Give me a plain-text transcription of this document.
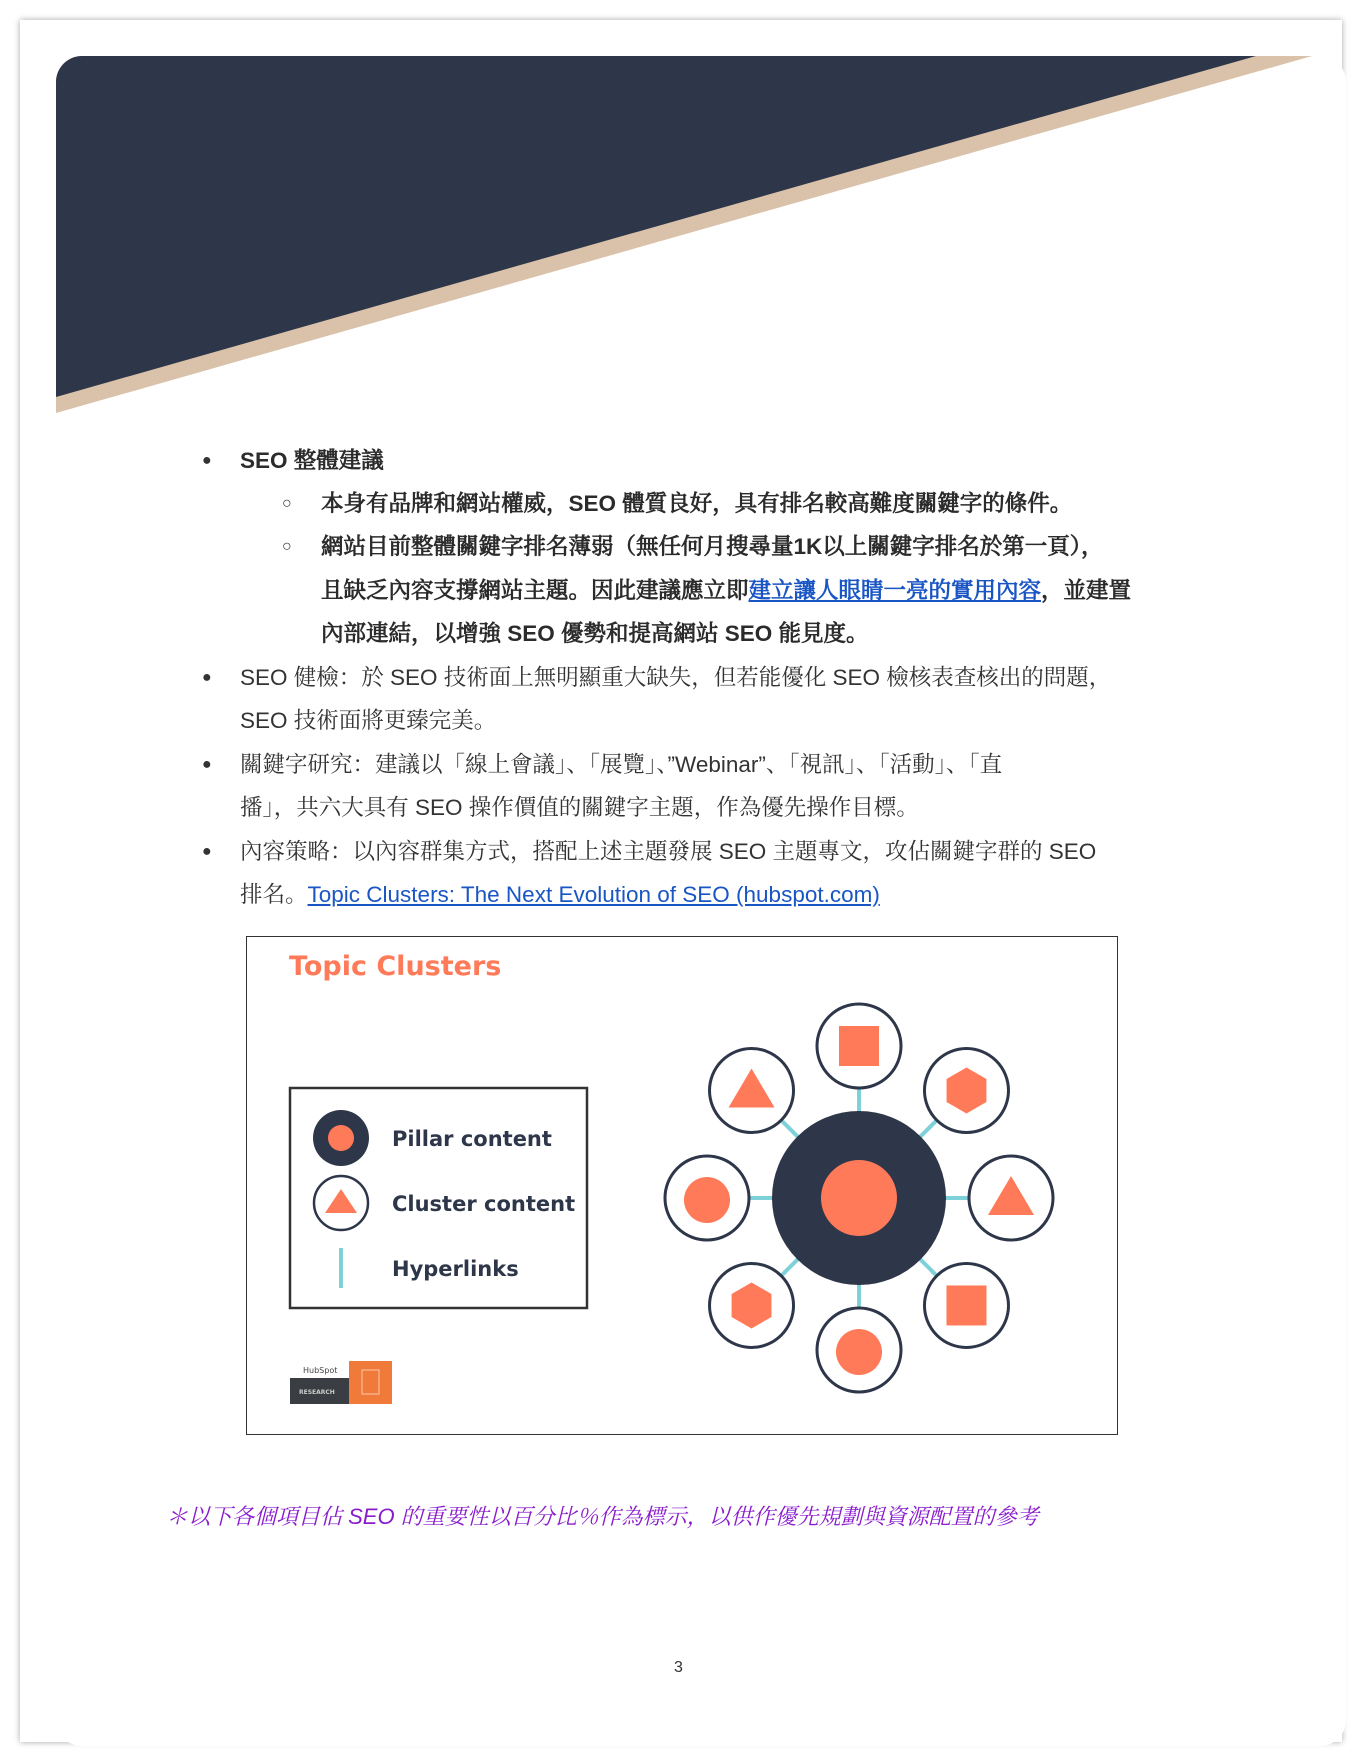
● SEO 整體建議
○ 本身有品牌和網站權威，SEO 體質良好，具有排名較高難度關鍵字的條件。
○ 網站目前整體關鍵字排名薄弱（無任何月搜尋量1K以上關鍵字排名於第一頁），
且缺乏內容支撐網站主題。因此建議應立即建立讓人眼睛一亮的實用內容，並建置
內部連結，以增強 SEO 優勢和提高網站 SEO 能見度。
● SEO 健檢：於 SEO 技術面上無明顯重大缺失，但若能優化 SEO 檢核表查核出的問題，
SEO 技術面將更臻完美。
● 關鍵字研究：建議以「線上會議」、「展覽」、”Webinar”、「視訊」、「活動」、「直
播」，共六大具有 SEO 操作價值的關鍵字主題，作為優先操作目標。
● 內容策略：以內容群集方式，搭配上述主題發展 SEO 主題專文，攻佔關鍵字群的 SEO
排名。Topic Clusters: The Next Evolution of SEO (hubspot.com)
Topic Clusters
Pillar content
Cluster content
Hyperlinks
HubSpot
RESEARCH
＊以下各個項目佔 SEO 的重要性以百分比％作為標示，以供作優先規劃與資源配置的參考
3
